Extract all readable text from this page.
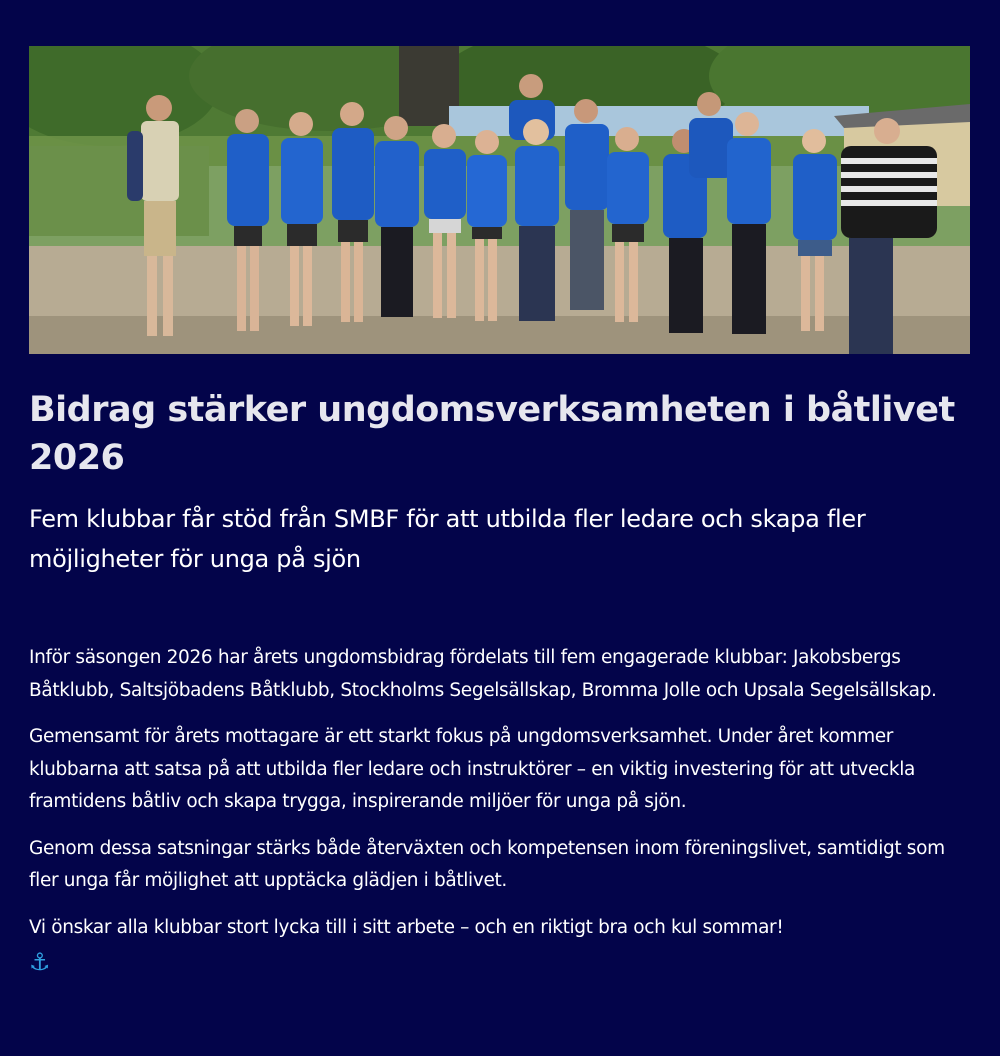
Bidrag stärker ungdomsverksamheten i båtlivet 2026
Fem klubbar får stöd från SMBF för att utbilda fler ledare och skapa fler möjligheter för unga på sjön

Inför säsongen 2026 har årets ungdomsbidrag fördelats till fem engagerade klubbar: Jakobsbergs Båtklubb, Saltsjöbadens Båtklubb, Stockholms Segelsällskap, Bromma Jolle och Upsala Segelsällskap.

Gemensamt för årets mottagare är ett starkt fokus på ungdomsverksamhet. Under året kommer klubbarna att satsa på att utbilda fler ledare och instruktörer – en viktig investering för att utveckla framtidens båtliv och skapa trygga, inspirerande miljöer för unga på sjön.

Genom dessa satsningar stärks både återväxten och kompetensen inom föreningslivet, samtidigt som fler unga får möjlighet att upptäcka glädjen i båtlivet.

Vi önskar alla klubbar stort lycka till i sitt arbete – och en riktigt bra och kul sommar!

⚓
